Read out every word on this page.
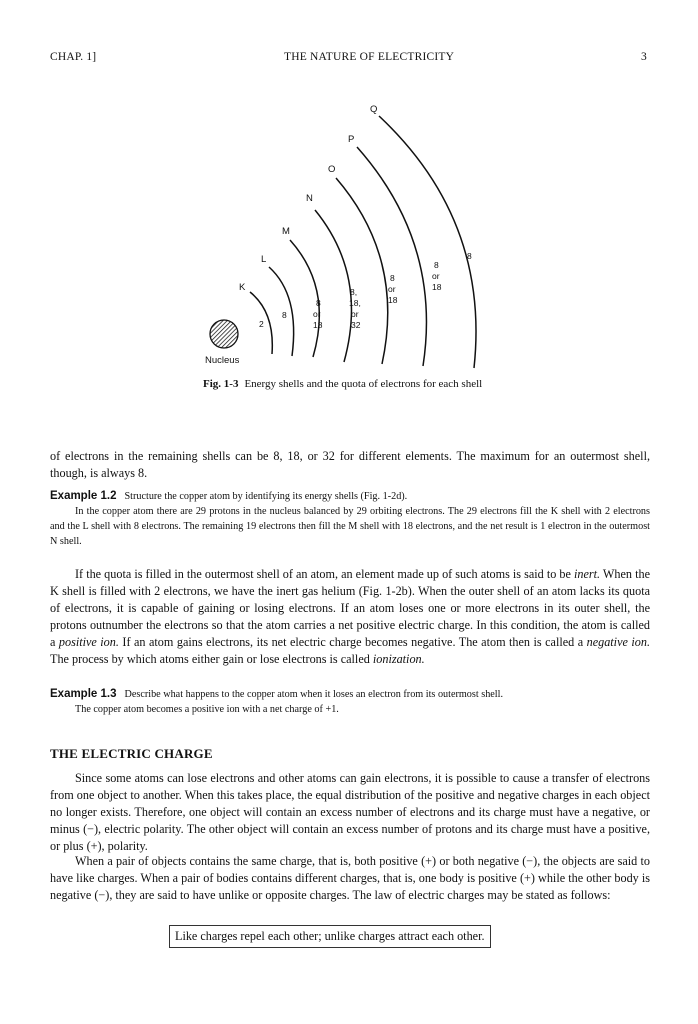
CHAP. 1]	THE NATURE OF ELECTRICITY	3
Nucleus
K
L
M
N
O
P
Q
2
8
8
or
18
8,
18,
or
32
8
or
18
8
or
18
8
Fig. 1-3 Energy shells and the quota of electrons for each shell
of electrons in the remaining shells can be 8, 18, or 32 for different elements. The maximum for an outermost shell, though, is always 8.
Example 1.2 Structure the copper atom by identifying its energy shells (Fig. 1-2d).
In the copper atom there are 29 protons in the nucleus balanced by 29 orbiting electrons. The 29 electrons fill the K shell with 2 electrons and the L shell with 8 electrons. The remaining 19 electrons then fill the M shell with 18 electrons, and the net result is 1 electron in the outermost N shell.
If the quota is filled in the outermost shell of an atom, an element made up of such atoms is said to be inert. When the K shell is filled with 2 electrons, we have the inert gas helium (Fig. 1-2b). When the outer shell of an atom lacks its quota of electrons, it is capable of gaining or losing electrons. If an atom loses one or more electrons in its outer shell, the protons outnumber the electrons so that the atom carries a net positive electric charge. In this condition, the atom is called a positive ion. If an atom gains electrons, its net electric charge becomes negative. The atom then is called a negative ion. The process by which atoms either gain or lose electrons is called ionization.
Example 1.3 Describe what happens to the copper atom when it loses an electron from its outermost shell.
The copper atom becomes a positive ion with a net charge of +1.
THE ELECTRIC CHARGE
Since some atoms can lose electrons and other atoms can gain electrons, it is possible to cause a transfer of electrons from one object to another. When this takes place, the equal distribution of the positive and negative charges in each object no longer exists. Therefore, one object will contain an excess number of electrons and its charge must have a negative, or minus (−), electric polarity. The other object will contain an excess number of protons and its charge must have a positive, or plus (+), polarity.
When a pair of objects contains the same charge, that is, both positive (+) or both negative (−), the objects are said to have like charges. When a pair of bodies contains different charges, that is, one body is positive (+) while the other body is negative (−), they are said to have unlike or opposite charges. The law of electric charges may be stated as follows:
Like charges repel each other; unlike charges attract each other.
